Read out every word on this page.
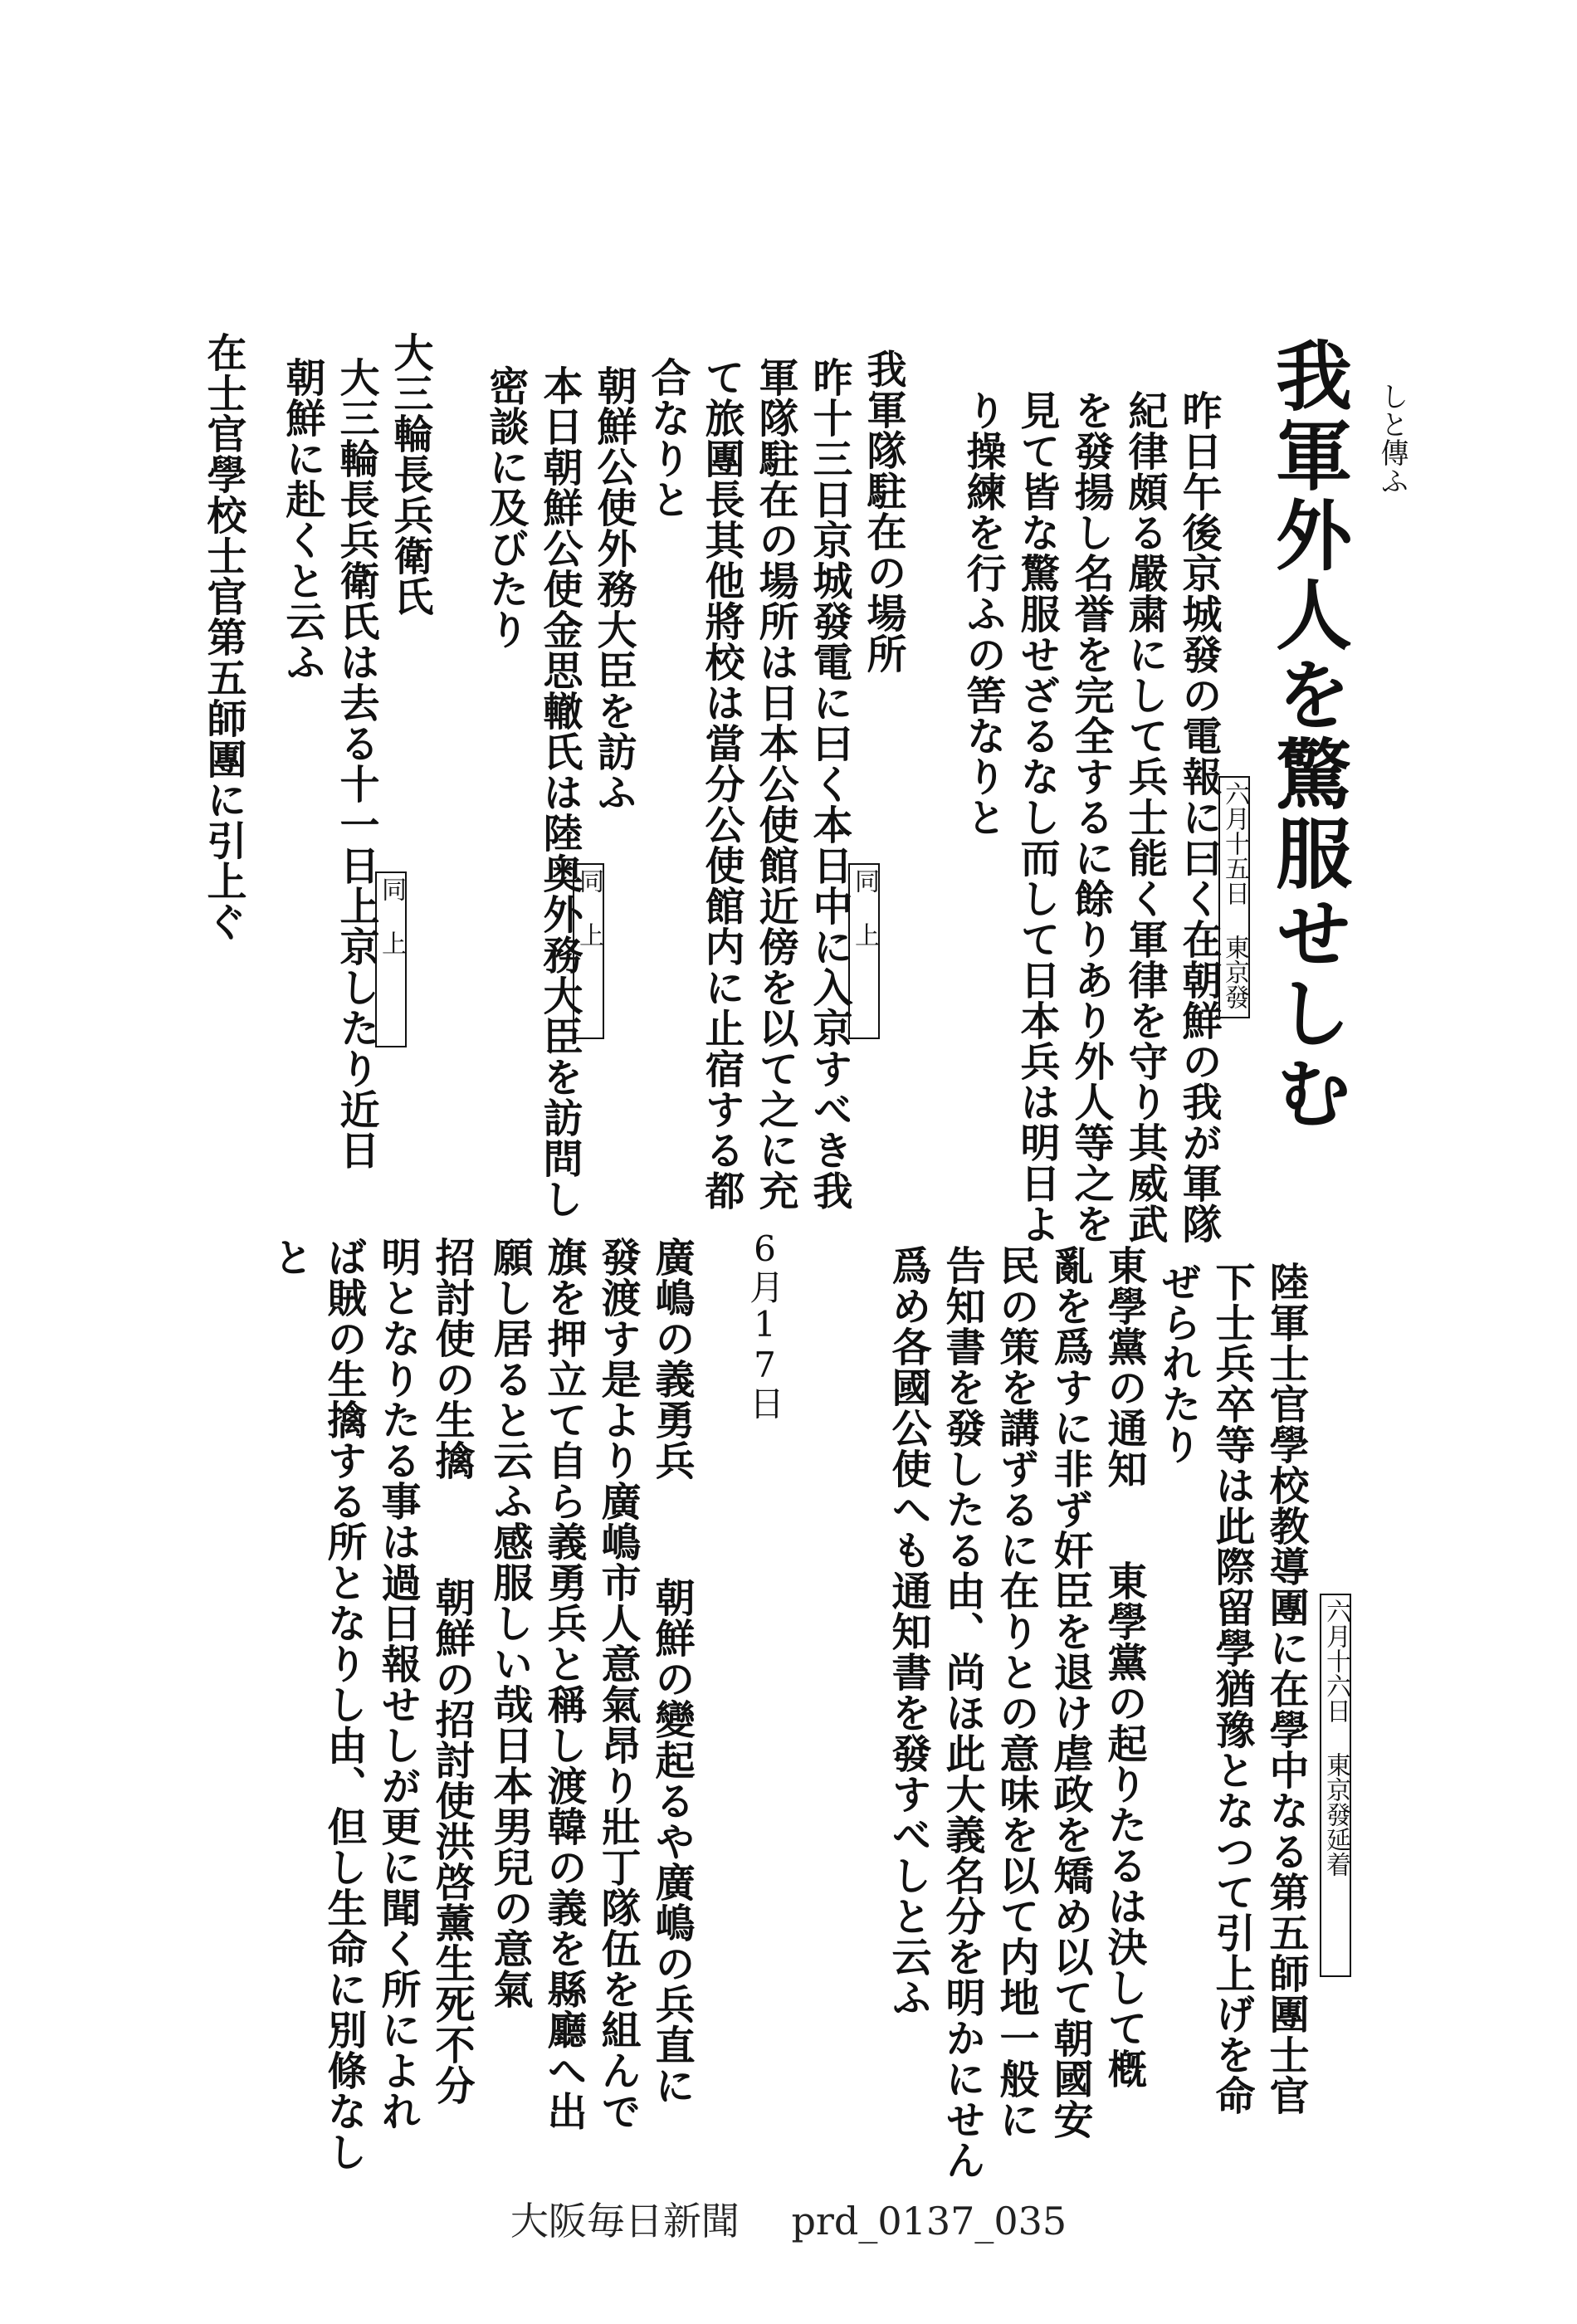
しと傳ふ
我軍外人を驚服せしむ
六月十五日 東京發
昨日午後京城發の電報に曰く在朝鮮の我が軍隊
紀律頗る嚴粛にして兵士能く軍律を守り其威武
を發揚し名誉を完全するに餘りあり外人等之を
見て皆な驚服せざるなし而して日本兵は明日よ
り操練を行ふの筈なりと
我軍隊駐在の場所
同 上
昨十三日京城發電に曰く本日中に入京すべき我
軍隊駐在の場所は日本公使館近傍を以て之に充
て旅團長其他將校は當分公使館内に止宿する都
合なりと
朝鮮公使外務大臣を訪ふ
同 上
本日朝鮮公使金思轍氏は陸奥外務大臣を訪問し
密談に及びたり
大三輪長兵衛氏
同 上
大三輪長兵衛氏は去る十一日上京したり近日
朝鮮に赴くと云ふ
在士官學校士官第五師團に引上ぐ
六月十六日 東京發延着
陸軍士官學校教導團に在學中なる第五師團士官
下士兵卒等は此際留學猶豫となつて引上げを命
ぜられたり
東學黨の通知
東學黨の起りたるは決して槪
亂を爲すに非ず奸臣を退け虐政を矯め以て朝國安
民の策を講ずるに在りとの意味を以て内地一般に
告知書を發したる由、尚ほ此大義名分を明かにせん
爲め各國公使へも通知書を發すべしと云ふ
6月17日
廣嶋の義勇兵
朝鮮の變起るや廣嶋の兵直に
發渡す是より廣嶋市人意氣昂り壯丁隊伍を組んで
旗を押立て自ら義勇兵と稱し渡韓の義を縣廳へ出
願し居ると云ふ感服しい哉日本男兒の意氣
招討使の生擒
朝鮮の招討使洪啓薰生死不分
明となりたる事は過日報せしが更に聞く所によれ
ば賊の生擒する所となりし由、但し生命に別條なし
と
大阪毎日新聞 prd_0137_035
